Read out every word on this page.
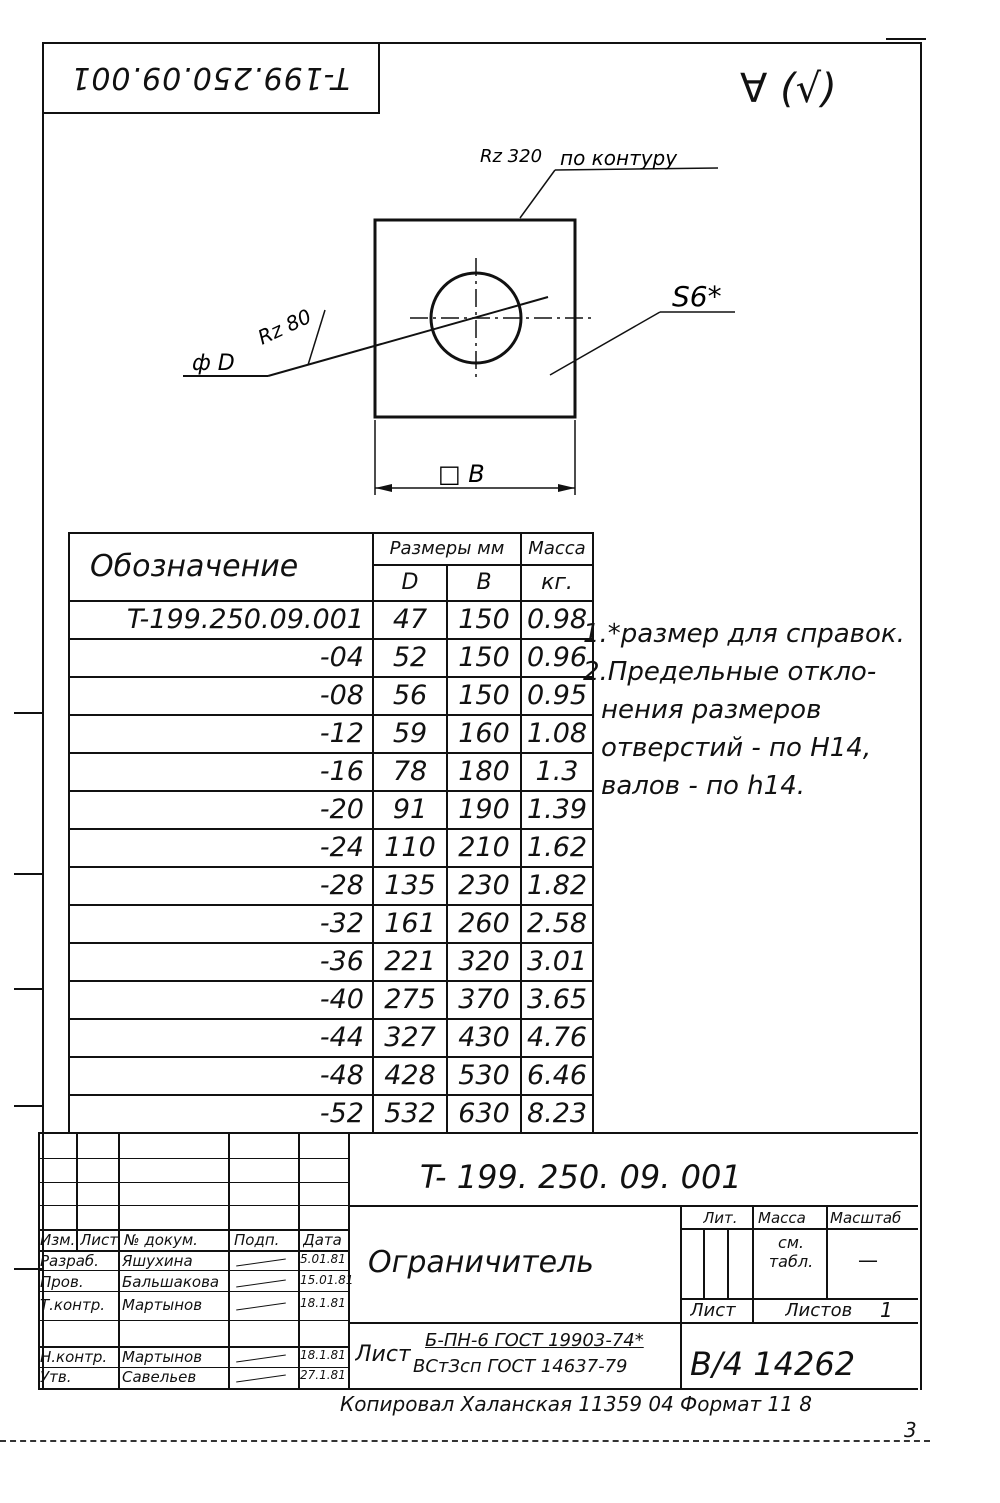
T-199.250.09.001	∀ (√)
Rz 320 по контуру
Rz 80
ф D
S6*
□ B
Обозначение	Размеры мм		Масса
	D	B	кг.
T-199.250.09.001	47	150	0.98
-04	52	150	0.96
-08	56	150	0.95
-12	59	160	1.08
-16	78	180	1.3
-20	91	190	1.39
-24	110	210	1.62
-28	135	230	1.82
-32	161	260	2.58
-36	221	320	3.01
-40	275	370	3.65
-44	327	430	4.76
-48	428	530	6.46
-52	532	630	8.23
1.*размер для справок.
2.Предельные откло-
нения размеров
отверстий - по H14,
валов - по h14.
T- 199. 250. 09. 001
Ограничитель
Лист
Б-ПН-6 ГОСТ 19903-74*
ВСтЗсп ГОСТ 14637-79
Лит. Масса Масштаб
см. табл.	—
Лист	Листов 1
B/4 14262
Изм. Лист № докум. Подп. Дата
Разраб. Яшухина	5.01.81
Пров.	Бальшакова	15.01.81
Т.контр. Мартынов	18.1.81
Н.контр. Мартынов	18.1.81
Утв.	Савельев	27.1.81
Копировал Халанская 11359 04 Формат 11 8
3
